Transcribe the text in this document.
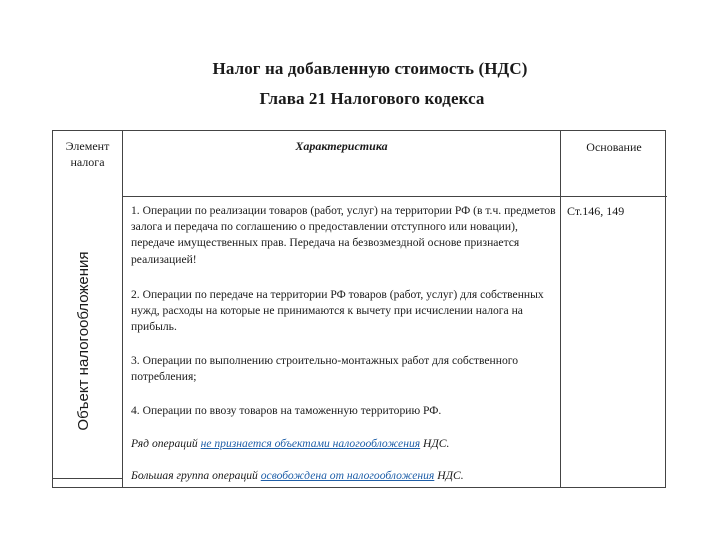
Налог на добавленную стоимость (НДС)
Глава 21 Налогового кодекса
Элемент налога
Характеристика	Основание
Объект налогообложения
1. Операции по реализации товаров (работ, услуг) на территории РФ (в т.ч. предметов залога и передача по соглашению о предоставлении отступного или новации), передаче имущественных прав. Передача на безвозмездной основе признается реализацией!
2. Операции по передаче на территории РФ товаров (работ, услуг) для собственных нужд, расходы на которые не принимаются к вычету при исчислении налога на прибыль.
3. Операции по выполнению строительно-монтажных работ для собственного потребления;
4. Операции по ввозу товаров на таможенную территорию РФ.
Ряд операций не признается объектами налогообложения НДС.
Большая группа операций освобождена от налогообложения НДС.
Ст.146, 149
